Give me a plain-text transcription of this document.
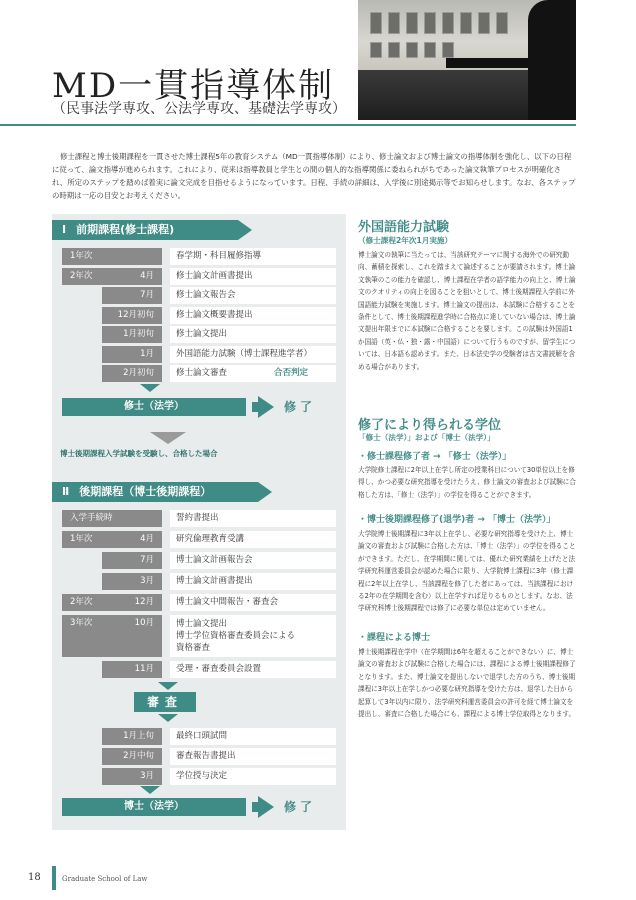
MD一貫指導体制
（民事法学専攻、公法学専攻、基礎法学専攻）

修士課程と博士後期課程を一貫させた博士課程5年の教育システム（MD一貫指導体制）により、修士論文および博士論文の指導体制を強化し、以下の日程に従って、論文指導が進められます。これにより、従来は指導教員と学生との間の個人的な指導関係に委ねられがちであった論文執筆プロセスが明確化され、所定のステップを踏めば着実に論文完成を目指せるようになっています。日程、手続の詳細は、入学後に別途掲示等でお知らせします。なお、各ステップの時期は一応の目安とお考えください。

Ⅰ 前期課程(修士課程)
1年次	春学期・科目履修指導
2年次	4月	修士論文計画書提出
7月	修士論文報告会
12月初旬	修士論文概要書提出
1月初旬	修士論文提出
1月	外国語能力試験（博士課程進学者）
2月初旬	修士論文審査	合否判定
修士（法学）	修了
博士後期課程入学試験を受験し、合格した場合
Ⅱ 後期課程（博士後期課程）
入学手続時	誓約書提出
1年次	4月	研究倫理教育受講
7月	博士論文計画報告会
3月	博士論文計画書提出
2年次	12月	博士論文中間報告・審査会
3年次	10月	博士論文提出
博士学位資格審査委員会による
資格審査
11月	受理・審査委員会設置
審査
1月上旬	最終口頭試問
2月中旬	審査報告書提出
3月	学位授与決定
博士（法学）	修了
外国語能力試験
（修士課程2年次1月実施）

博士論文の執筆に当たっては、当該研究テーマに関する海外での研究動向、蓄積を探索し、これを踏まえて論述することが要請されます。博士論文執筆のこの能力を確認し、博士課程在学者の語学能力の向上と、博士論文のクオリティの向上を図ることを狙いとして、博士後期課程入学前に外国語能力試験を実施します。博士論文の提出は、本試験に合格することを条件として、博士後期課程進学時に合格点に達していない場合は、博士論文提出年限までに本試験に合格することを要します。この試験は外国語1か国語（英・仏・独・露・中国語）について行うものですが、留学生については、日本語も認めます。また、日本法史学の受験者は古文書読解を含める場合があります。

修了により得られる学位
「修士（法学）」および「博士（法学）」
・修士課程修了者 → 「修士（法学）」

大学院修士課程に2年以上在学し所定の授業科目について30単位以上を修得し、かつ必要な研究指導を受けたうえ、修士論文の審査および試験に合格した方は、「修士（法学）」の学位を得ることができます。

・博士後期課程修了(退学)者 → 「博士（法学）」

大学院博士後期課程に3年以上在学し、必要な研究指導を受けた上、博士論文の審査および試験に合格した方は、「博士（法学）」の学位を得ることができます。ただし、在学期間に関しては、優れた研究業績を上げたと法学研究科運営委員会が認めた場合に限り、大学院博士課程に3年（修士課程に2年以上在学し、当該課程を修了した者にあっては、当該課程における2年の在学期間を含む）以上在学すれば足りるものとします。なお、法学研究科博士後期課程では修了に必要な単位は定めていません。

・課程による博士

博士後期課程在学中（在学期間は6年を超えることができない）に、博士論文の審査および試験に合格した場合には、課程による博士後期課程修了となります。また、博士論文を提出しないで退学した方のうち、博士後期課程に3年以上在学しかつ必要な研究指導を受けた方は、退学した日から起算して3年以内に限り、法学研究科運営委員会の許可を経て博士論文を提出し、審査に合格した場合にも、課程による博士学位取得となります。

18	Graduate School of Law
